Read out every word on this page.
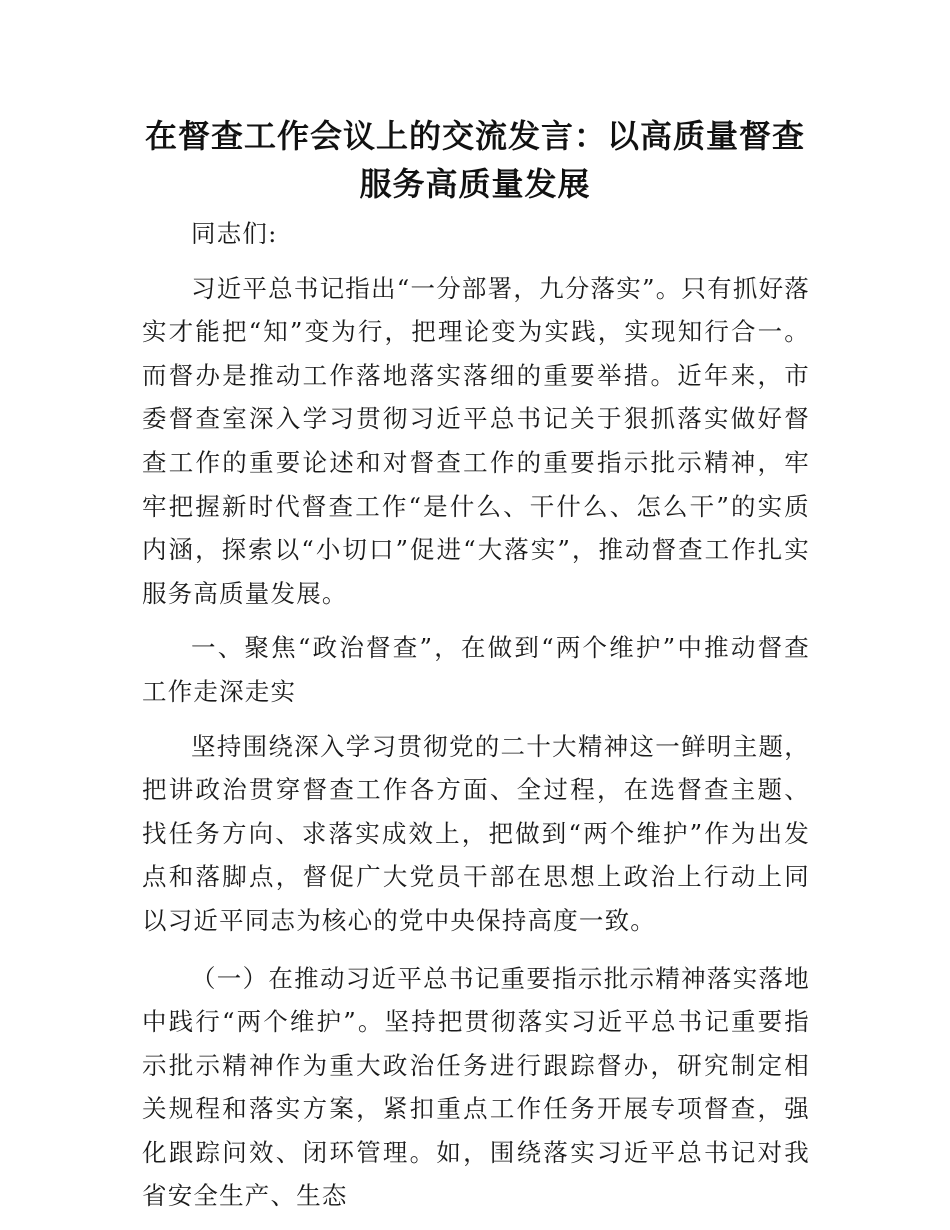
在督查工作会议上的交流发言：以高质量督查
服务高质量发展

同志们:

习近平总书记指出“一分部署，九分落实”。只有抓好落实才能把“知”变为行，把理论变为实践，实现知行合一。而督办是推动工作落地落实落细的重要举措。近年来，市委督查室深入学习贯彻习近平总书记关于狠抓落实做好督查工作的重要论述和对督查工作的重要指示批示精神，牢牢把握新时代督查工作“是什么、干什么、怎么干”的实质内涵，探索以“小切口”促进“大落实”，推动督查工作扎实服务高质量发展。

一、聚焦“政治督查”，在做到“两个维护”中推动督查工作走深走实

坚持围绕深入学习贯彻党的二十大精神这一鲜明主题，把讲政治贯穿督查工作各方面、全过程，在选督查主题、找任务方向、求落实成效上，把做到“两个维护”作为出发点和落脚点，督促广大党员干部在思想上政治上行动上同以习近平同志为核心的党中央保持高度一致。

（一）在推动习近平总书记重要指示批示精神落实落地中践行“两个维护”。坚持把贯彻落实习近平总书记重要指示批示精神作为重大政治任务进行跟踪督办，研究制定相关规程和落实方案，紧扣重点工作任务开展专项督查，强化跟踪问效、闭环管理。如，围绕落实习近平总书记对我省安全生产、生态
